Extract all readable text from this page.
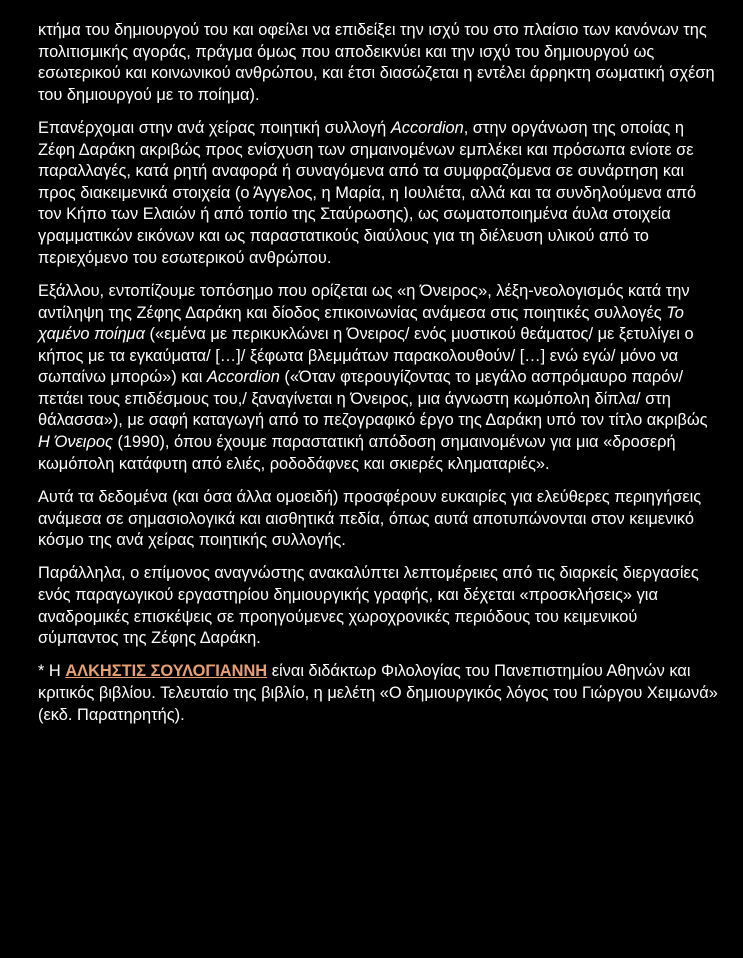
κτήμα του δημιουργού του και οφείλει να επιδείξει την ισχύ του στο πλαίσιο των κανόνων της πολιτισμικής αγοράς, πράγμα όμως που αποδεικνύει και την ισχύ του δημιουργού ως εσωτερικού και κοινωνικού ανθρώπου, και έτσι διασώζεται η εντέλει άρρηκτη σωματική σχέση του δημιουργού με το ποίημα).

Επανέρχομαι στην ανά χείρας ποιητική συλλογή Accordion, στην οργάνωση της οποίας η Ζέφη Δαράκη ακριβώς προς ενίσχυση των σημαινομένων εμπλέκει και πρόσωπα ενίοτε σε παραλλαγές, κατά ρητή αναφορά ή συναγόμενα από τα συμφραζόμενα σε συνάρτηση και προς διακειμενικά στοιχεία (ο Άγγελος, η Μαρία, η Ιουλιέτα, αλλά και τα συνδηλούμενα από τον Κήπο των Ελαιών ή από τοπίο της Σταύρωσης), ως σωματοποιημένα άυλα στοιχεία γραμματικών εικόνων και ως παραστατικούς διαύλους για τη διέλευση υλικού από το περιεχόμενο του εσωτερικού ανθρώπου.

Εξάλλου, εντοπίζουμε τοπόσημο που ορίζεται ως «η Όνειρος», λέξη-νεολογισμός κατά την αντίληψη της Ζέφης Δαράκη και δίοδος επικοινωνίας ανάμεσα στις ποιητικές συλλογές Το χαμένο ποίημα («εμένα με περικυκλώνει η Όνειρος/ ενός μυστικού θεάματος/ με ξετυλίγει ο κήπος με τα εγκαύματα/ […]/ ξέφωτα βλεμμάτων παρακολουθούν/ […] ενώ εγώ/ μόνο να σωπαίνω μπορώ») και Accordion («Όταν φτερουγίζοντας το μεγάλο ασπρόμαυρο παρόν/ πετάει τους επιδέσμους του,/ ξαναγίνεται η Όνειρος, μια άγνωστη κωμόπολη δίπλα/ στη θάλασσα»), με σαφή καταγωγή από το πεζογραφικό έργο της Δαράκη υπό τον τίτλο ακριβώς Η Όνειρος (1990), όπου έχουμε παραστατική απόδοση σημαινομένων για μια «δροσερή κωμόπολη κατάφυτη από ελιές, ροδοδάφνες και σκιερές κληματαριές».

Αυτά τα δεδομένα (και όσα άλλα ομοειδή) προσφέρουν ευκαιρίες για ελεύθερες περιηγήσεις ανάμεσα σε σημασιολογικά και αισθητικά πεδία, όπως αυτά αποτυπώνονται στον κειμενικό κόσμο της ανά χείρας ποιητικής συλλογής.

Παράλληλα, ο επίμονος αναγνώστης ανακαλύπτει λεπτομέρειες από τις διαρκείς διεργασίες ενός παραγωγικού εργαστηρίου δημιουργικής γραφής, και δέχεται «προσκλήσεις» για αναδρομικές επισκέψεις σε προηγούμενες χωροχρονικές περιόδους του κειμενικού σύμπαντος της Ζέφης Δαράκη.

* Η ΑΛΚΗΣΤΙΣ ΣΟΥΛΟΓΙΑΝΝΗ είναι διδάκτωρ Φιλολογίας του Πανεπιστημίου Αθηνών και κριτικός βιβλίου. Τελευταίο της βιβλίο, η μελέτη «Ο δημιουργικός λόγος του Γιώργου Χειμωνά» (εκδ. Παρατηρητής).
